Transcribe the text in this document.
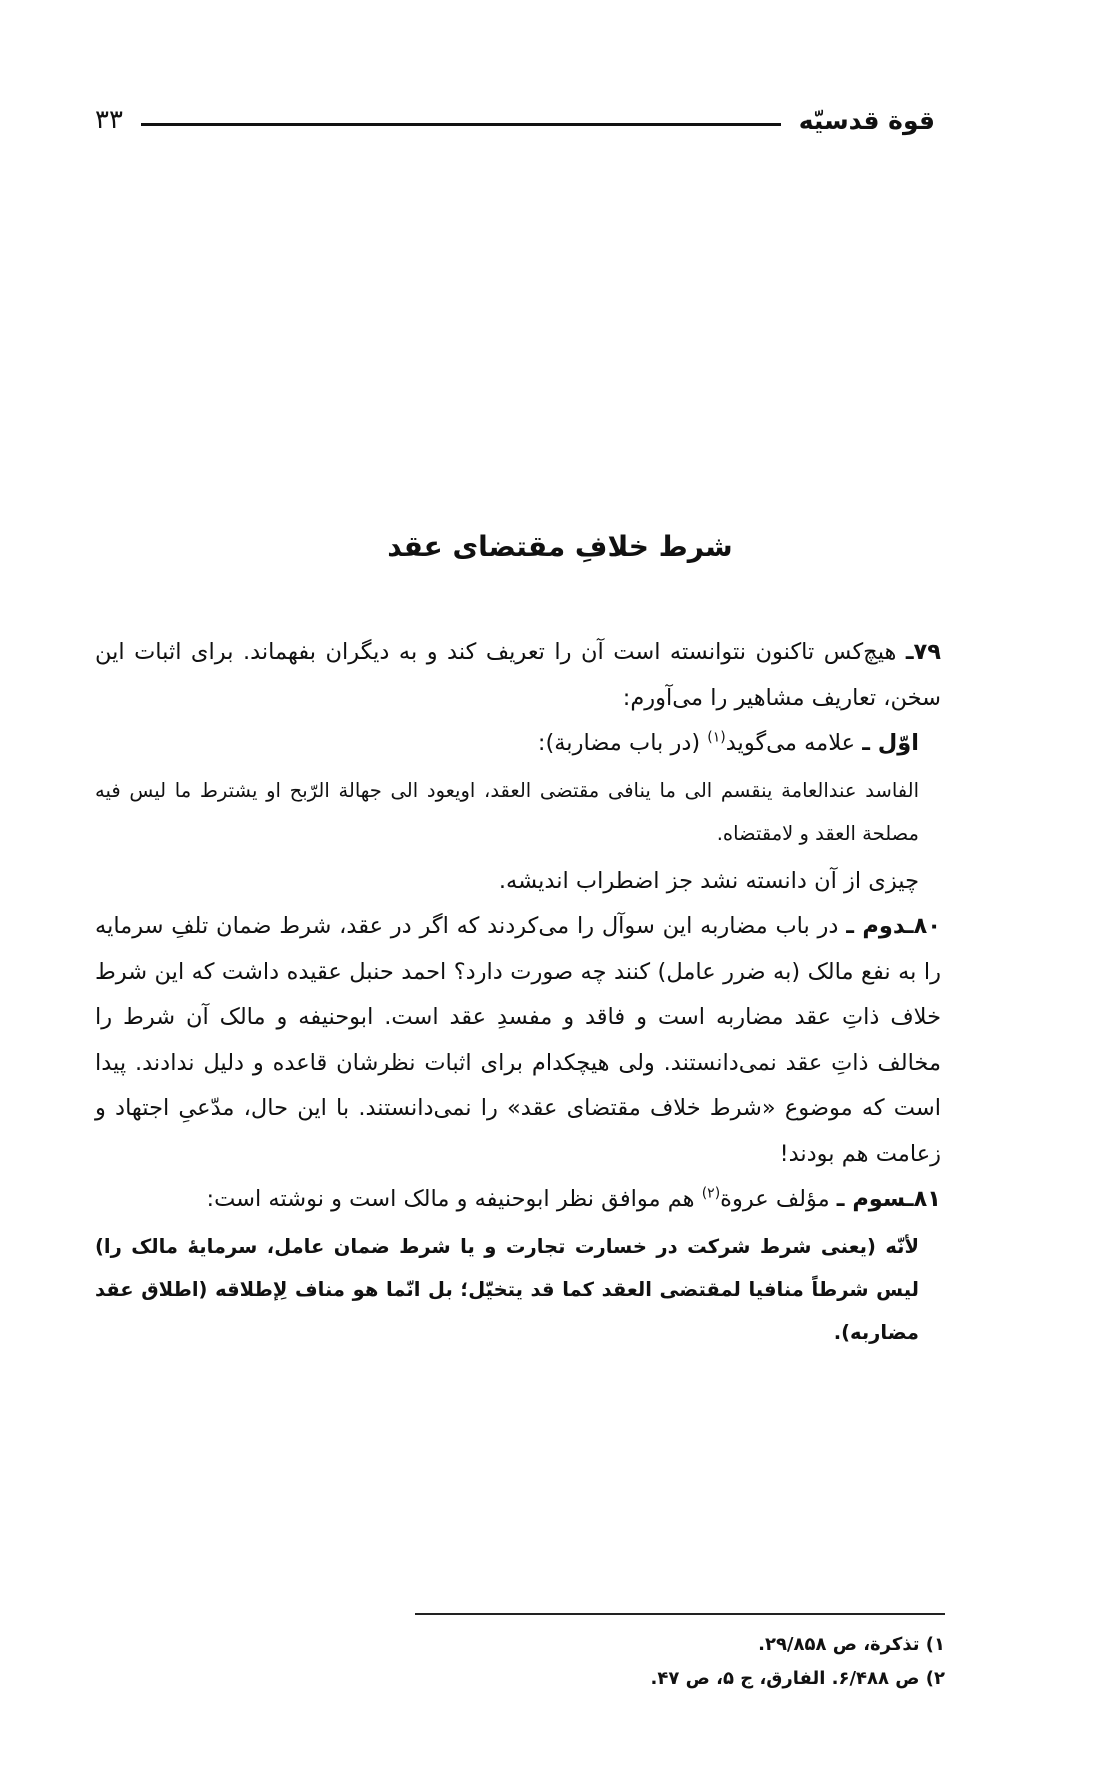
قوة قدسيّه
۳۳
شرط خلافِ مقتضای عقد

۷۹ـ هیچ‌کس تاکنون نتوانسته است آن را تعریف کند و به دیگران بفهماند. برای اثبات این سخن، تعاریف مشاهیر را می‌آورم:

اوّل ـ علامه می‌گوید$^{(۱)}$ (در باب مضاربة):

الفاسد عندالعامة ینقسم الی ما ینافی مقتضی العقد، اویعود الی جهالة الرّبح او یشترط ما لیس فیه مصلحة العقد و لامقتضاه.

چیزی از آن دانسته نشد جز اضطراب اندیشه.

۸۰ـدوم ـ در باب مضاربه این سوآل را می‌کردند که اگر در عقد، شرط ضمان تلفِ سرمایه را به نفع مالک (به ضرر عامل) کنند چه صورت دارد؟ احمد حنبل عقیده داشت که این شرط خلاف ذاتِ عقد مضاربه است و فاقد و مفسدِ عقد است. ابوحنیفه و مالک آن شرط را مخالف ذاتِ عقد نمی‌دانستند. ولی هیچکدام برای اثبات نظرشان قاعده و دلیل ندادند. پیدا است که موضوع «شرط خلاف مقتضای عقد» را نمی‌دانستند. با این حال، مدّعیِ اجتهاد و زعامت هم بودند!

۸۱ـسوم ـ مؤلف عروة$^{(۲)}$ هم موافق نظر ابوحنیفه و مالک است و نوشته است:

لأنّه (یعنی شرط شرکت در خسارت تجارت و یا شرط ضمان عامل، سرمایهٔ مالک را) لیس شرطاً منافیا لمقتضی العقد کما قد یتخیّل؛ بل انّما هو مناف لِإطلاقه (اطلاق عقد مضاربه).

۱) تذکرة، ص ۲۹/۸۵۸.

۲) ص ۶/۴۸۸. الفارق، ج ۵، ص ۴۷.
